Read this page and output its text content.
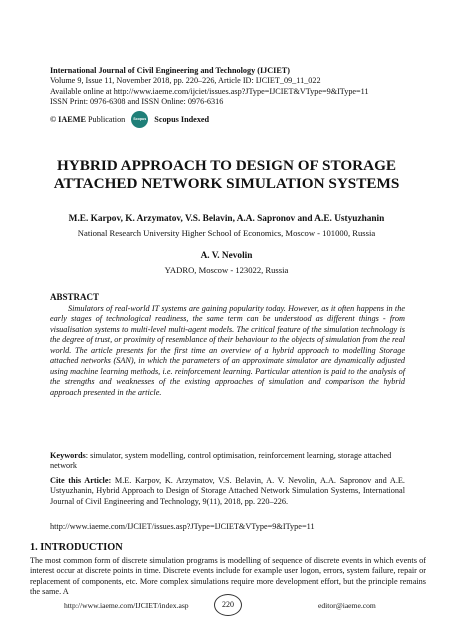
International Journal of Civil Engineering and Technology (IJCIET)
Volume 9, Issue 11, November 2018, pp. 220–226, Article ID: IJCIET_09_11_022
Available online at http://www.iaeme.com/ijciet/issues.asp?JType=IJCIET&VType=9&IType=11
ISSN Print: 0976-6308 and ISSN Online: 0976-6316
© IAEME
Publication	Scopus Scopus Indexed
HYBRID APPROACH TO DESIGN OF STORAGE ATTACHED NETWORK SIMULATION SYSTEMS
M.E. Karpov, K. Arzymatov, V.S. Belavin, A.A. Sapronov and A.E. Ustyuzhanin
National Research University Higher School of Economics, Moscow - 101000, Russia
A. V. Nevolin
YADRO, Moscow - 123022, Russia
ABSTRACT

Simulators of real-world IT systems are gaining popularity today. However, as it often happens in the early stages of technological readiness, the same term can be understood as different things - from visualisation systems to multi-level multi-agent models. The critical feature of the simulation technology is the degree of trust, or proximity of resemblance of their behaviour to the objects of simulation from the real world. The article presents for the first time an overview of a hybrid approach to modelling Storage attached networks (SAN), in which the parameters of an approximate simulator are dynamically adjusted using machine learning methods, i.e. reinforcement learning. Particular attention is paid to the analysis of the strengths and weaknesses of the existing approaches of simulation and comparison the hybrid approach presented in the article.

Keywords: simulator, system modelling, control optimisation, reinforcement learning, storage attached network

Cite this Article: M.E. Karpov, K. Arzymatov, V.S. Belavin, A. V. Nevolin, A.A. Sapronov and A.E. Ustyuzhanin, Hybrid Approach to Design of Storage Attached Network Simulation Systems, International Journal of Civil Engineering and Technology, 9(11), 2018, pp. 220–226.

http://www.iaeme.com/IJCIET/issues.asp?JType=IJCIET&VType=9&IType=11
1. INTRODUCTION

The most common form of discrete simulation programs is modelling of sequence of discrete events in which events of interest occur at discrete points in time. Discrete events include for example user logon, errors, system failure, repair or replacement of components, etc. More complex simulations require more development effort, but the principle remains the same. A

http://www.iaeme.com/IJCIET/index.asp	220	editor@iaeme.com
